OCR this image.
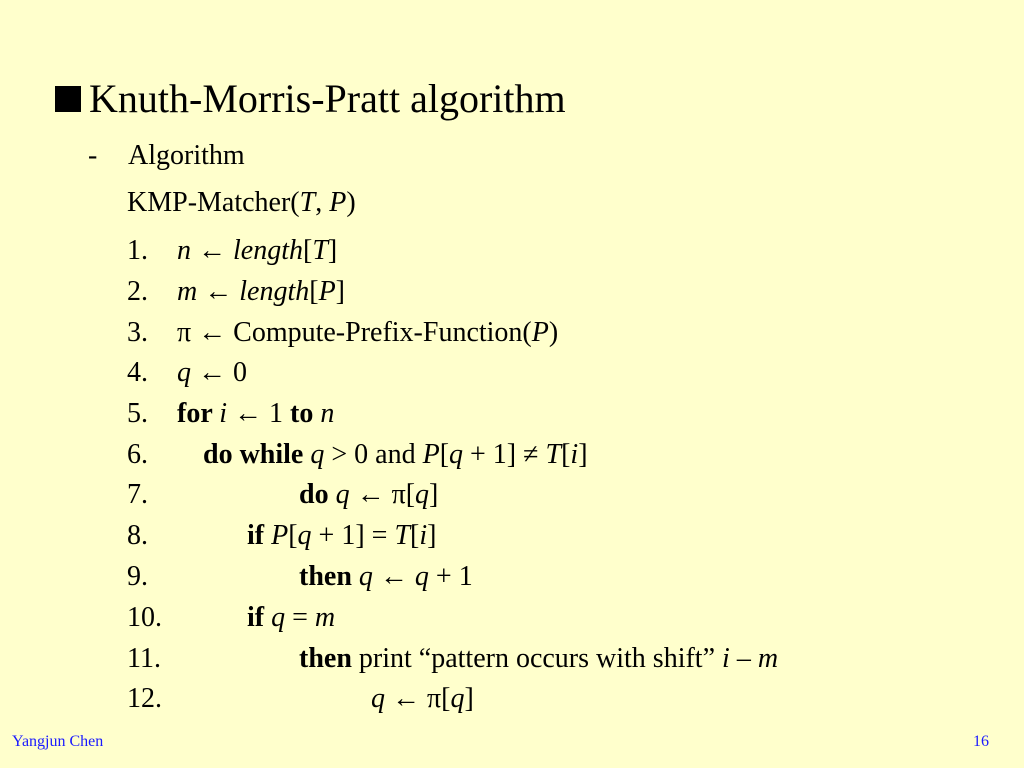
Knuth-Morris-Pratt algorithm
- Algorithm
KMP-Matcher(T, P)
1. n ← length[T]
2. m ← length[P]
3. π ← Compute-Prefix-Function(P)
4. q ← 0
5. for i ← 1 to n
6. do while q > 0 and P[q + 1] ≠ T[i]
7.	do q ← π[q]
8.	if P[q + 1] = T[i]
9.	then q ← q + 1
10.	if q = m
11.	then print “pattern occurs with shift” i – m
12.	q ← π[q]
Yangjun Chen	16
